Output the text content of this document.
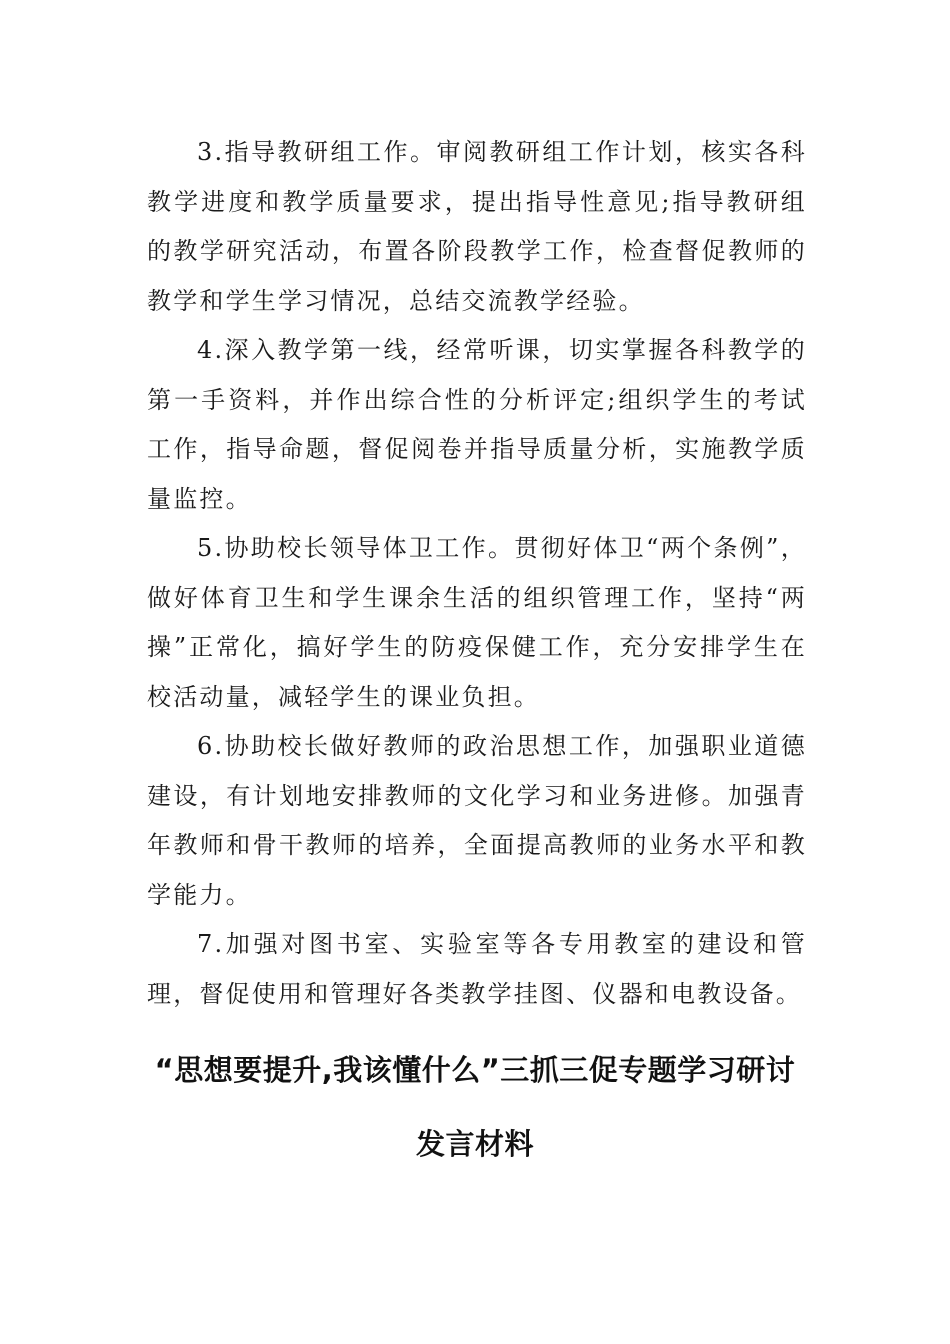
3.指导教研组工作。审阅教研组工作计划，核实各科教学进度和教学质量要求，提出指导性意见;指导教研组的教学研究活动，布置各阶段教学工作，检查督促教师的教学和学生学习情况，总结交流教学经验。

4.深入教学第一线，经常听课，切实掌握各科教学的第一手资料，并作出综合性的分析评定;组织学生的考试工作，指导命题，督促阅卷并指导质量分析，实施教学质量监控。

5.协助校长领导体卫工作。贯彻好体卫“两个条例”，做好体育卫生和学生课余生活的组织管理工作，坚持“两操”正常化，搞好学生的防疫保健工作，充分安排学生在校活动量，减轻学生的课业负担。

6.协助校长做好教师的政治思想工作，加强职业道德建设，有计划地安排教师的文化学习和业务进修。加强青年教师和骨干教师的培养，全面提高教师的业务水平和教学能力。

7.加强对图书室、实验室等各专用教室的建设和管理，督促使用和管理好各类教学挂图、仪器和电教设备。

“思想要提升,我该懂什么”三抓三促专题学习研讨
发言材料
